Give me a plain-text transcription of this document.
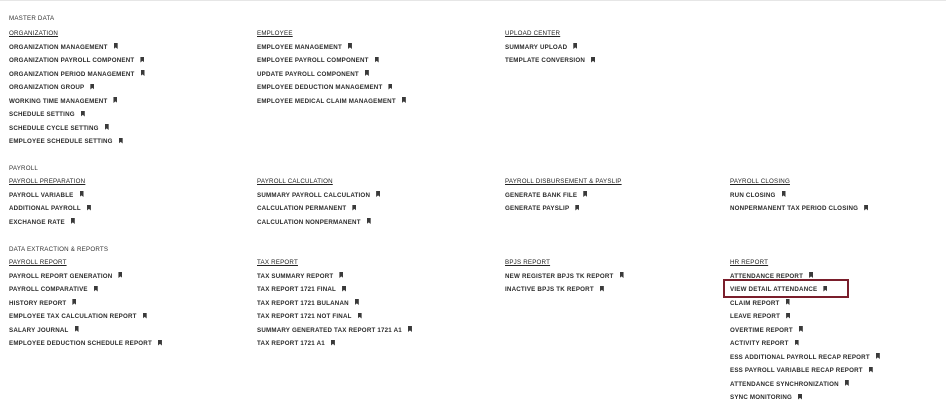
MASTER DATA
ORGANIZATION
ORGANIZATION MANAGEMENT
ORGANIZATION PAYROLL COMPONENT
ORGANIZATION PERIOD MANAGEMENT
ORGANIZATION GROUP
WORKING TIME MANAGEMENT
SCHEDULE SETTING
SCHEDULE CYCLE SETTING
EMPLOYEE SCHEDULE SETTING
EMPLOYEE
EMPLOYEE MANAGEMENT
EMPLOYEE PAYROLL COMPONENT
UPDATE PAYROLL COMPONENT
EMPLOYEE DEDUCTION MANAGEMENT
EMPLOYEE MEDICAL CLAIM MANAGEMENT
UPLOAD CENTER
SUMMARY UPLOAD
TEMPLATE CONVERSION
PAYROLL
PAYROLL PREPARATION
PAYROLL VARIABLE
ADDITIONAL PAYROLL
EXCHANGE RATE
PAYROLL CALCULATION
SUMMARY PAYROLL CALCULATION
CALCULATION PERMANENT
CALCULATION NONPERMANENT
PAYROLL DISBURSEMENT & PAYSLIP
GENERATE BANK FILE
GENERATE PAYSLIP
PAYROLL CLOSING
RUN CLOSING
NONPERMANENT TAX PERIOD CLOSING
DATA EXTRACTION & REPORTS
PAYROLL REPORT
PAYROLL REPORT GENERATION
PAYROLL COMPARATIVE
HISTORY REPORT
EMPLOYEE TAX CALCULATION REPORT
SALARY JOURNAL
EMPLOYEE DEDUCTION SCHEDULE REPORT
TAX REPORT
TAX SUMMARY REPORT
TAX REPORT 1721 FINAL
TAX REPORT 1721 BULANAN
TAX REPORT 1721 NOT FINAL
SUMMARY GENERATED TAX REPORT 1721 A1
TAX REPORT 1721 A1
BPJS REPORT
NEW REGISTER BPJS TK REPORT
INACTIVE BPJS TK REPORT
HR REPORT
ATTENDANCE REPORT
VIEW DETAIL ATTENDANCE
CLAIM REPORT
LEAVE REPORT
OVERTIME REPORT
ACTIVITY REPORT
ESS ADDITIONAL PAYROLL RECAP REPORT
ESS PAYROLL VARIABLE RECAP REPORT
ATTENDANCE SYNCHRONIZATION
SYNC MONITORING
